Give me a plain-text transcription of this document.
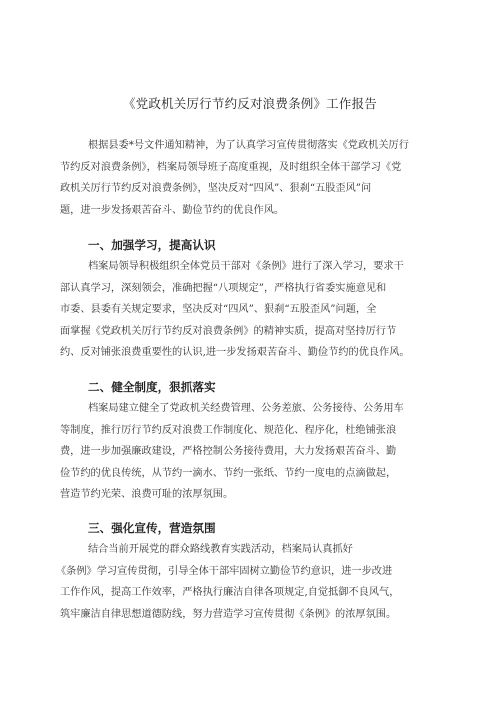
《党政机关厉行节约反对浪费条例》工作报告

根据县委*号文件通知精神，为了认真学习宣传贯彻落实《党政机关厉行
节约反对浪费条例》，档案局领导班子高度重视，及时组织全体干部学习《党
政机关厉行节约反对浪费条例》，坚决反对“四风”、狠刹“五股歪风”问
题，进一步发扬艰苦奋斗、勤俭节约的优良作风。

一、加强学习，提高认识

档案局领导积极组织全体党员干部对《条例》进行了深入学习，要求干
部认真学习，深刻领会，准确把握“八项规定”，严格执行省委实施意见和
市委、县委有关规定要求，坚决反对“四风”、狠刹“五股歪风”问题，全
面掌握《党政机关厉行节约反对浪费条例》的精神实质，提高对坚持厉行节
约、反对铺张浪费重要性的认识,进一步发扬艰苦奋斗、勤俭节约的优良作风。

二、健全制度，狠抓落实

档案局建立健全了党政机关经费管理、公务差旅、公务接待、公务用车
等制度，推行厉行节约反对浪费工作制度化、规范化、程序化，杜绝铺张浪
费，进一步加强廉政建设，严格控制公务接待费用，大力发扬艰苦奋斗、勤
俭节约的优良传统，从节约一滴水、节约一张纸、节约一度电的点滴做起，
营造节约光荣、浪费可耻的浓厚氛围。

三、强化宣传，营造氛围

结合当前开展党的群众路线教育实践活动，档案局认真抓好
《条例》学习宣传贯彻，引导全体干部牢固树立勤俭节约意识，进一步改进
工作作风，提高工作效率，严格执行廉洁自律各项规定,自觉抵御不良风气，
筑牢廉洁自律思想道德防线，努力营造学习宣传贯彻《条例》的浓厚氛围。
